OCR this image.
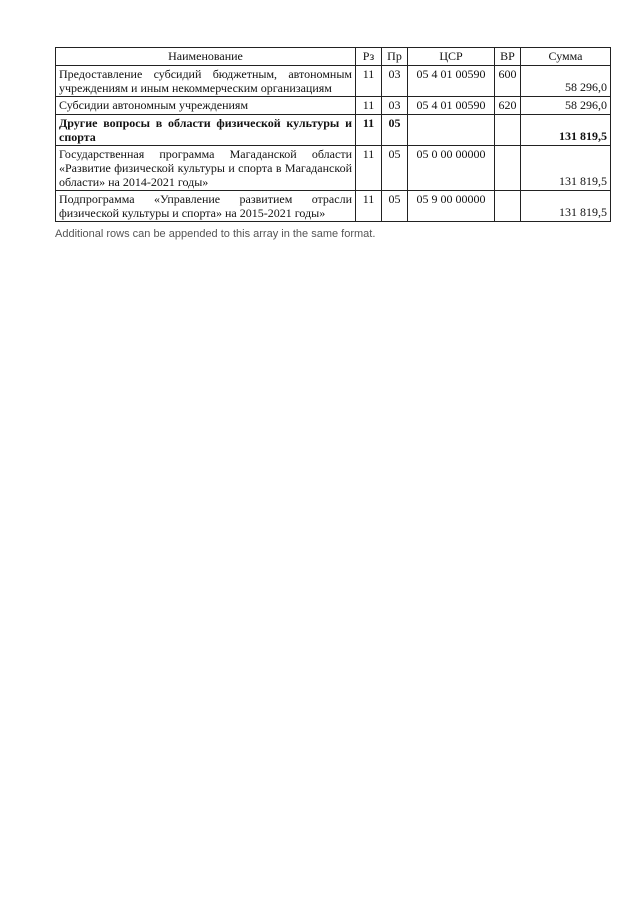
Наименование	Рз	Пр	ЦСР	ВР	Сумма
Предоставление субсидий бюджетным, автономным учреждениям и иным некоммерческим организациям	11	03	05 4 01 00590	600	58 296,0
Субсидии автономным учреждениям	11	03	05 4 01 00590	620	58 296,0
Другие вопросы в области физической культуры и спорта	11	05			131 819,5
Государственная программа Магаданской области «Развитие физической культуры и спорта в Магаданской области» на 2014-2021 годы»	11	05	05 0 00 00000		131 819,5
Подпрограмма «Управление развитием отрасли физической культуры и спорта» на 2015-2021 годы»	11	05	05 9 00 00000		131 819,5
Additional rows can be appended to this array in the same format.
